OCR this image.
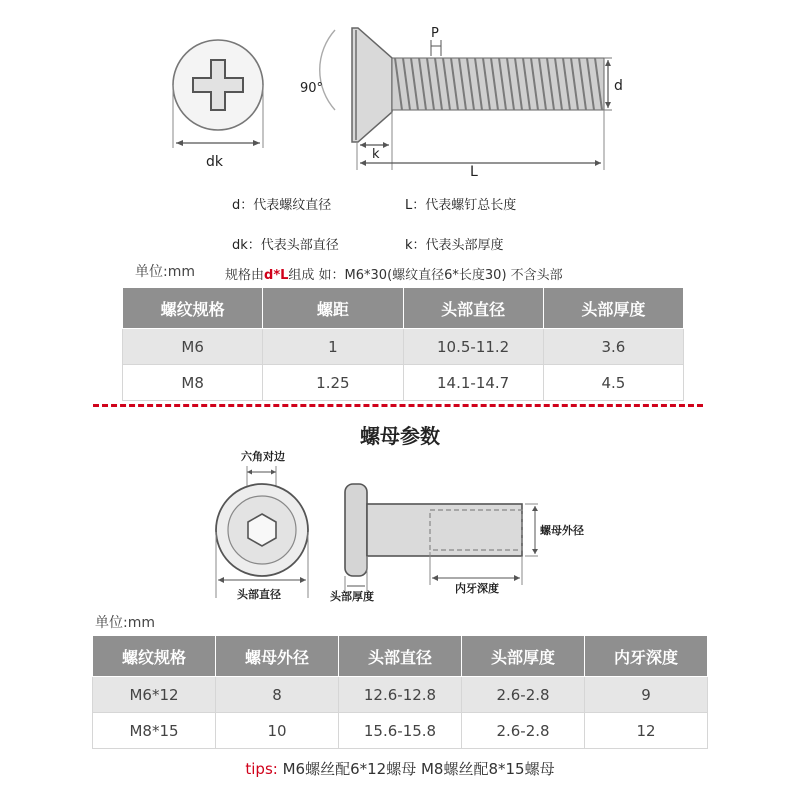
dk
90°
P
d
k
L
d：代表螺纹直径	L：代表螺钉总长度
dk：代表头部直径	k：代表头部厚度
单位:mm 规格由d*L组成 如：M6*30(螺纹直径6*长度30) 不含头部
螺纹规格	螺距	头部直径	头部厚度
M6	1	10.5-11.2	3.6
M8	1.25	14.1-14.7	4.5
螺母参数
六角对边
头部直径
螺母外径
头部厚度
内牙深度
单位:mm
螺纹规格	螺母外径	头部直径	头部厚度	内牙深度
M6*12	8	12.6-12.8	2.6-2.8	9
M8*15	10	15.6-15.8	2.6-2.8	12
tips: M6螺丝配6*12螺母 M8螺丝配8*15螺母
